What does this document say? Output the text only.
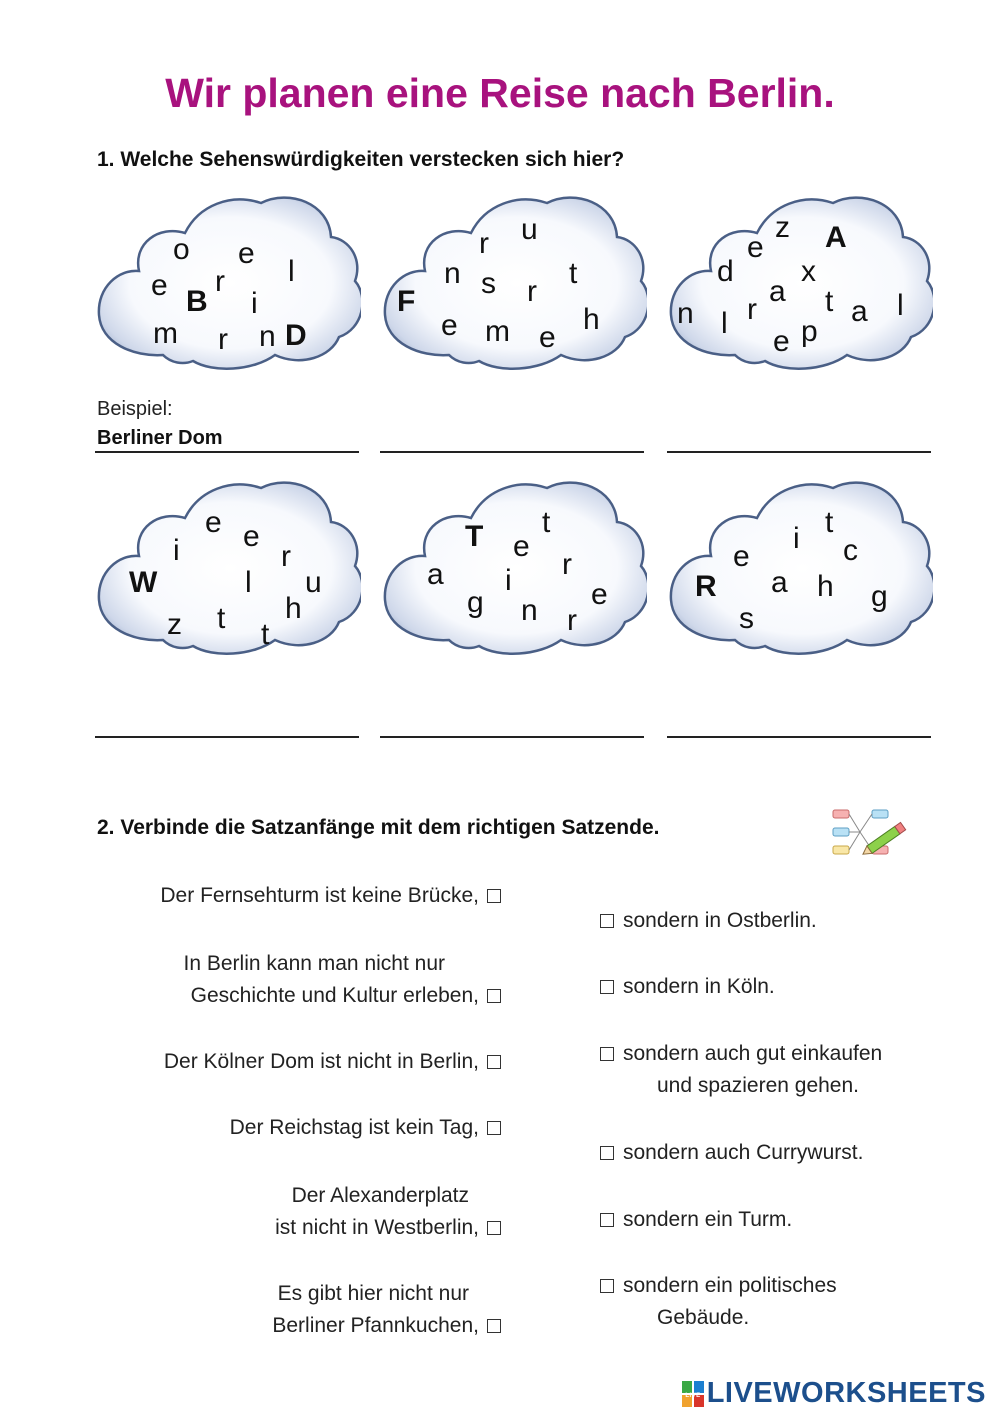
Wir planen eine Reise nach Berlin.
1. Welche Sehenswürdigkeiten verstecken sich hier?
o e
l
e r
B i
m r n D
u
r
n	t
s r
F
e m e
h
z A
e
d x
a t
n l r	a l
e p
e e
i	r
W	l u
z t h
t
t
T e
r
a i
g n r
e
t
i c
e
R a h g
s
Beispiel:
Berliner Dom
2. Verbinde die Satzanfänge mit dem richtigen Satzende.
Der Fernsehturm ist keine Brücke,
In Berlin kann man nicht nur
Geschichte und Kultur erleben,
Der Kölner Dom ist nicht in Berlin,
Der Reichstag ist kein Tag,
Der Alexanderplatz
ist nicht in Westberlin,
Es gibt hier nicht nur
Berliner Pfannkuchen,
sondern in Ostberlin.
sondern in Köln.
sondern auch gut einkaufen
und spazieren gehen.
sondern auch Currywurst.
sondern ein Turm.
sondern ein politisches
Gebäude.
LIVE LIVEWORKSHEETS
